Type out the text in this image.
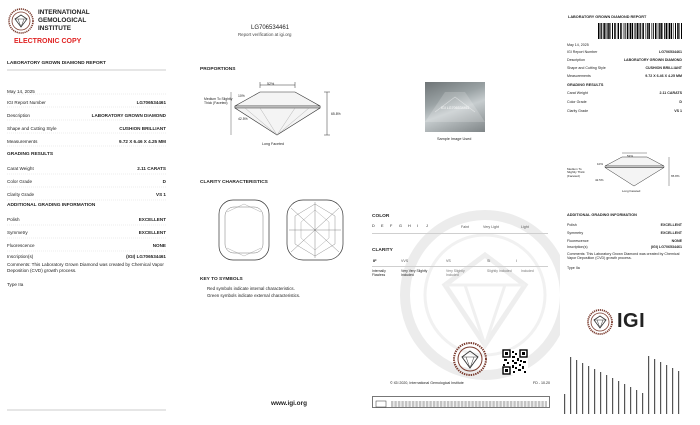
INTERNATIONAL
GEMOLOGICAL
INSTITUTE
ELECTRONIC COPY
LABORATORY GROWN DIAMOND REPORT
May 14, 2025
IGI Report Number	LG706534461
Description	LABORATORY GROWN DIAMOND
Shape and Cutting Style	CUSHION BRILLIANT
Measurements	9.72 X 6.46 X 4.25 MM
GRADING RESULTS
Carat Weight	2.11 CARATS
Color Grade	D
Clarity Grade	VS 1
ADDITIONAL GRADING INFORMATION
Polish	EXCELLENT
Symmetry	EXCELLENT
Fluorescence	NONE
Inscription(s)	(IGI) LG706534461
Comments: This Laboratory Grown Diamond was created by Chemical Vapor Deposition (CVD) growth process.
Type IIa
LG706534461
Report verification at igi.org
PROPORTIONS
52%
Medium To Slightly Thick (Faceted)
10%
42.5%
65.8%
Long Faceted
IGI LG706534461
Sample Image Used
CLARITY CHARACTERISTICS
KEY TO SYMBOLS
Red symbols indicate internal characteristics.
Green symbols indicate external characteristics.
COLOR
D E F G H I J	Faint	Very Light	Light
CLARITY
IF	VVS	VS	SI	I
Internally Flawless
Very Very Slightly Included
Very Slightly Included
Slightly Included	Included
© IGI 2020, International Gemological Institute	FD - 10.20
www.igi.org
LABORATORY GROWN DIAMOND REPORT
May 14, 2025
IGI Report Number	LG706534461
Description	LABORATORY GROWN DIAMOND
Shape and Cutting Style	CUSHION BRILLIANT
Measurements	9.72 X 6.46 X 4.25 MM
GRADING RESULTS
Carat Weight	2.11 CARATS
Color Grade	D
Clarity Grade	VS 1
52%
Medium To Slightly Thick (Faceted)
10%
42.5%
65.8%
Long Faceted
ADDITIONAL GRADING INFORMATION
Polish	EXCELLENT
Symmetry	EXCELLENT
Fluorescence	NONE
Inscription(s)	(IGI) LG706534461
Comments: This Laboratory Grown Diamond was created by Chemical Vapor Deposition (CVD) growth process.
Type IIa
IGI
